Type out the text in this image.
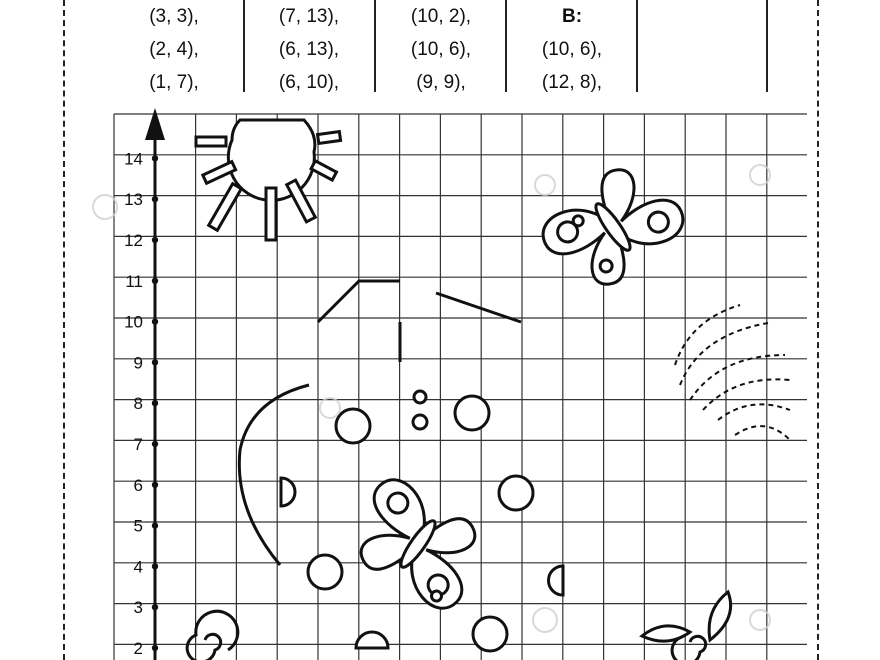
(3, 3),
(2, 4),
(1, 7),
(7, 13),
(6, 13),
(6, 10),
(10, 2),
(10, 6),
(9, 9),
B:
(10, 6),
(12, 8),
2
3
4
5
6
7
8
9
10
11
12
13
14
